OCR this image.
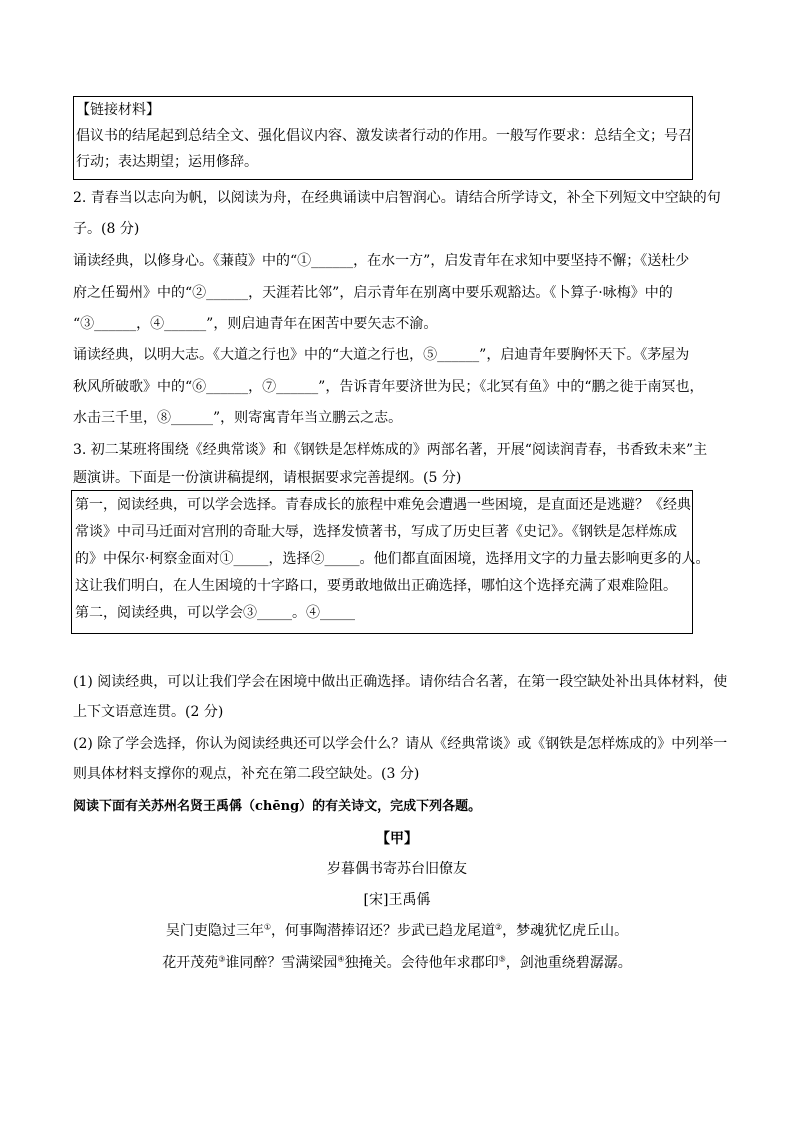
【链接材料】
倡议书的结尾起到总结全文、强化倡议内容、激发读者行动的作用。一般写作要求：总结全文；号召
行动；表达期望；运用修辞。
2. 青春当以志向为帆，以阅读为舟，在经典诵读中启智润心。请结合所学诗文，补全下列短文中空缺的句
子。(8 分)
诵读经典，以修身心。《蒹葭》中的“①______，在水一方”，启发青年在求知中要坚持不懈；《送杜少
府之任蜀州》中的“②______，天涯若比邻”，启示青年在别离中要乐观豁达。《卜算子·咏梅》中的
“③______，④______”，则启迪青年在困苦中要矢志不渝。
诵读经典，以明大志。《大道之行也》中的“大道之行也，⑤______”，启迪青年要胸怀天下。《茅屋为
秋风所破歌》中的“⑥______，⑦______”，告诉青年要济世为民；《北冥有鱼》中的“鹏之徙于南冥也，
水击三千里，⑧______”，则寄寓青年当立鹏云之志。
3. 初二某班将围绕《经典常谈》和《钢铁是怎样炼成的》两部名著，开展“阅读润青春，书香致未来”主
题演讲。下面是一份演讲稿提纲，请根据要求完善提纲。(5 分)
第一，阅读经典，可以学会选择。青春成长的旅程中难免会遭遇一些困境，是直面还是逃避？《经典
常谈》中司马迁面对宫刑的奇耻大辱，选择发愤著书，写成了历史巨著《史记》。《钢铁是怎样炼成
的》中保尔·柯察金面对①_____，选择②_____。他们都直面困境，选择用文字的力量去影响更多的人。
这让我们明白，在人生困境的十字路口，要勇敢地做出正确选择，哪怕这个选择充满了艰难险阻。
第二，阅读经典，可以学会③_____。④_____
(1) 阅读经典，可以让我们学会在困境中做出正确选择。请你结合名著，在第一段空缺处补出具体材料，使
上下文语意连贯。(2 分)
(2) 除了学会选择，你认为阅读经典还可以学会什么？请从《经典常谈》或《钢铁是怎样炼成的》中列举一
则具体材料支撑你的观点，补充在第二段空缺处。(3 分)
阅读下面有关苏州名贤王禹偁（chēng）的有关诗文，完成下列各题。
【甲】
岁暮偶书寄苏台旧僚友
[宋]王禹偁
吴门吏隐过三年①，何事陶潜捧诏还？步武已趋龙尾道②，梦魂犹忆虎丘山。
花开茂苑③谁同醉？雪满梁园④独掩关。会待他年求郡印⑤，剑池重绕碧潺潺。
